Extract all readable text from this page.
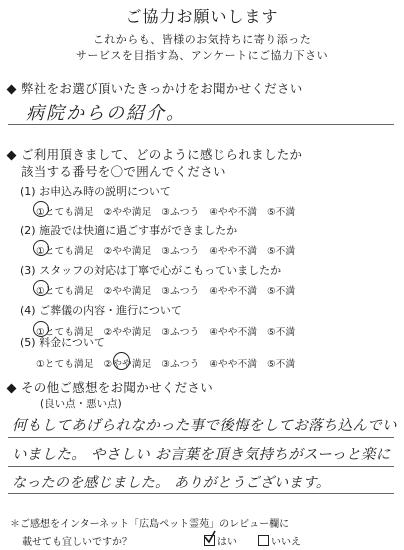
ご協力お願いします
これからも、皆様のお気持ちに寄り添った
サービスを目指す為、アンケートにご協力下さい
弊社をお選び頂いたきっかけをお聞かせください
病院からの紹介。
ご利用頂きまして、どのように感じられましたか
該当する番号を〇で囲んでください
(1) お申込み時の説明について
①とても満足 ②やや満足 ③ふつう ④やや不満 ⑤不満
(2) 施設では快適に過ごす事ができましたか
①とても満足 ②やや満足 ③ふつう ④やや不満 ⑤不満
(3) スタッフの対応は丁寧で心がこもっていましたか
①とても満足 ②やや満足 ③ふつう ④やや不満 ⑤不満
(4) ご葬儀の内容・進行について
①とても満足 ②やや満足 ③ふつう ④やや不満 ⑤不満
(5) 料金について
①とても満足 ②やや満足 ③ふつう ④やや不満 ⑤不満
その他ご感想をお聞かせください
(良い点・悪い点)
何もしてあげられなかった事で後悔をしてお落ち込んでい
いました。 やさしい お言葉を頂き気持ちがスーっと楽に
なったのを感じました。 ありがとうございます。
＊ご感想をインターネット「広島ペット霊苑」のレビュー欄に
載せても宜しいですか？	はい	いいえ
